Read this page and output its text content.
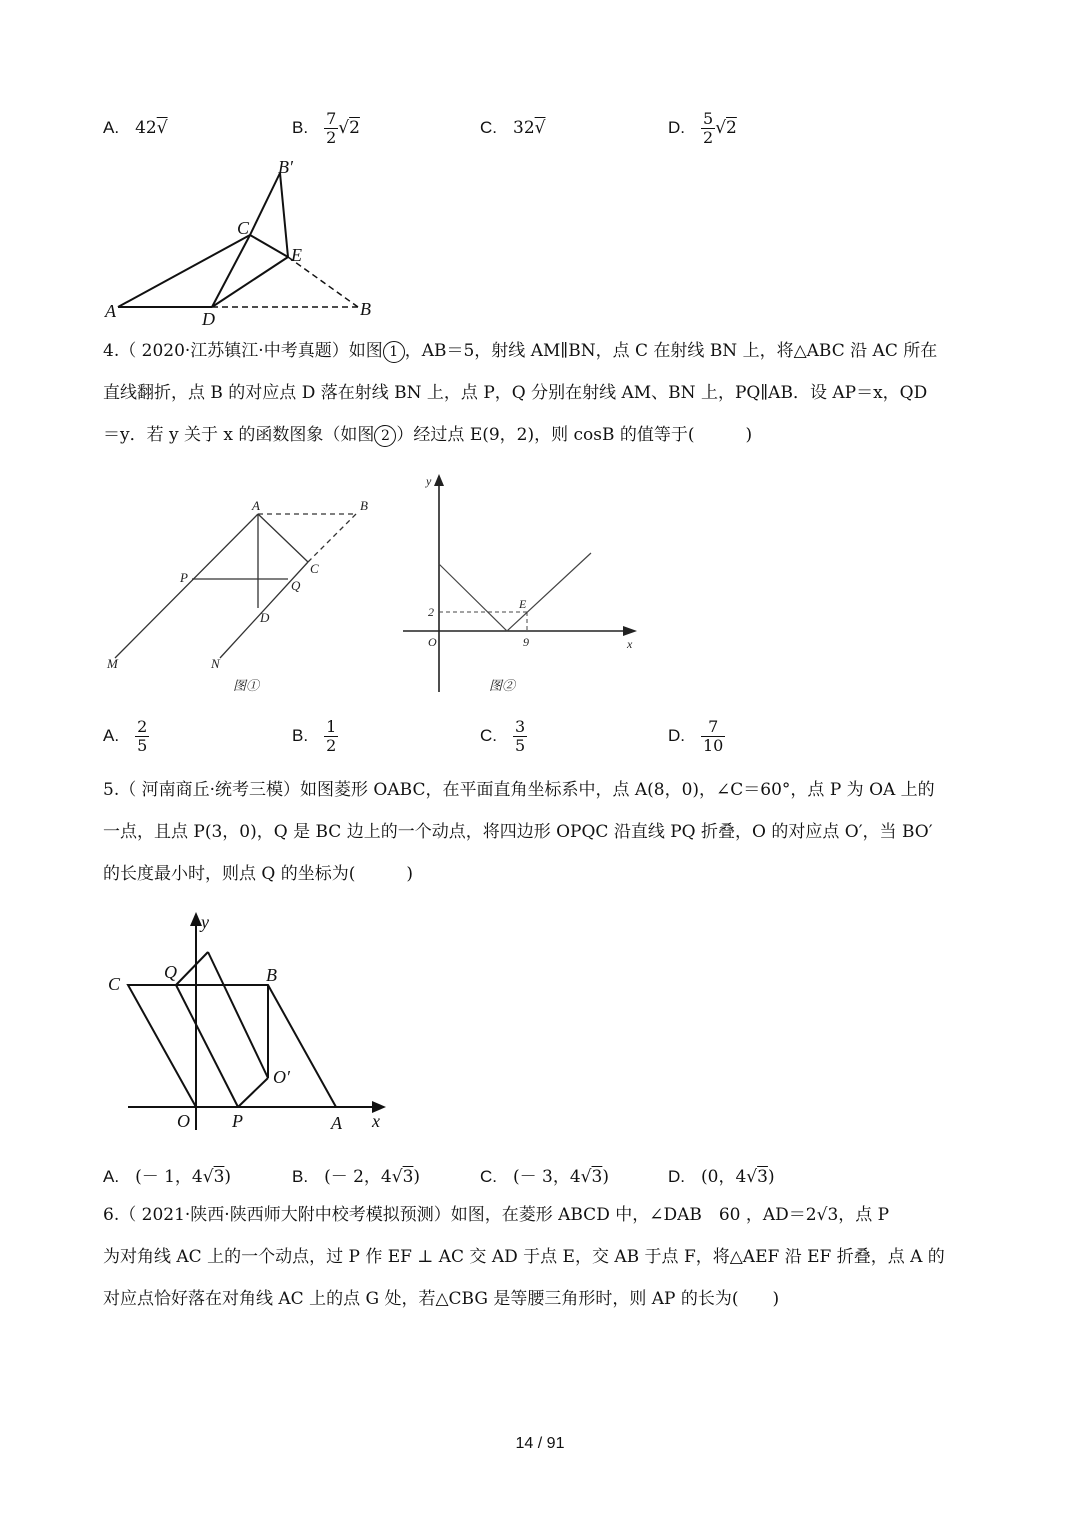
A. 42√	B. $\frac{7}{2} √2$	C. 32√	D. $\frac{5}{2} √2$
B′
C
E
A	D	B

4.（ 2020·江苏镇江·中考真题）如图 1 ，AB＝5，射线 AM∥BN，点 C 在射线 BN 上，将△ABC 沿 AC 所在

直线翻折，点 B 的对应点 D 落在射线 BN 上，点 P，Q 分别在射线 AM、BN 上，PQ∥AB．设 AP＝x，QD

＝y．若 y 关于 x 的函数图象（如图 2 ）经过点 E(9，2)，则 cosB 的值等于(　　　)

A	B
P
Q
C
D
M	N
图①
y
x
O
2
9
E
图②
A. $\frac{2}{5}$	B. $\frac{1}{2}$	C. $\frac{3}{5}$	D. $\frac{7}{10}$

5.（ 河南商丘·统考三模）如图菱形 OABC，在平面直角坐标系中，点 A(8，0)，∠C＝60°，点 P 为 OA 上的

一点，且点 P(3，0)，Q 是 BC 边上的一个动点，将四边形 OPQC 沿直线 PQ 折叠，O 的对应点 O′，当 BO′

的长度最小时，则点 Q 的坐标为(　　　)

y
C
Q	B
O′
O P	A x
A. (－ 1，4√3)	B. (－ 2，4√3)	C. (－ 3，4√3)	D. (0，4√3)

6.（ 2021·陕西·陕西师大附中校考模拟预测）如图，在菱形 ABCD 中，∠DAB　60 ，AD＝2√3，点 P

为对角线 AC 上的一个动点，过 P 作 EF ⊥ AC 交 AD 于点 E，交 AB 于点 F，将△AEF 沿 EF 折叠，点 A 的

对应点恰好落在对角线 AC 上的点 G 处，若△CBG 是等腰三角形时，则 AP 的长为(　　)

14 / 91
